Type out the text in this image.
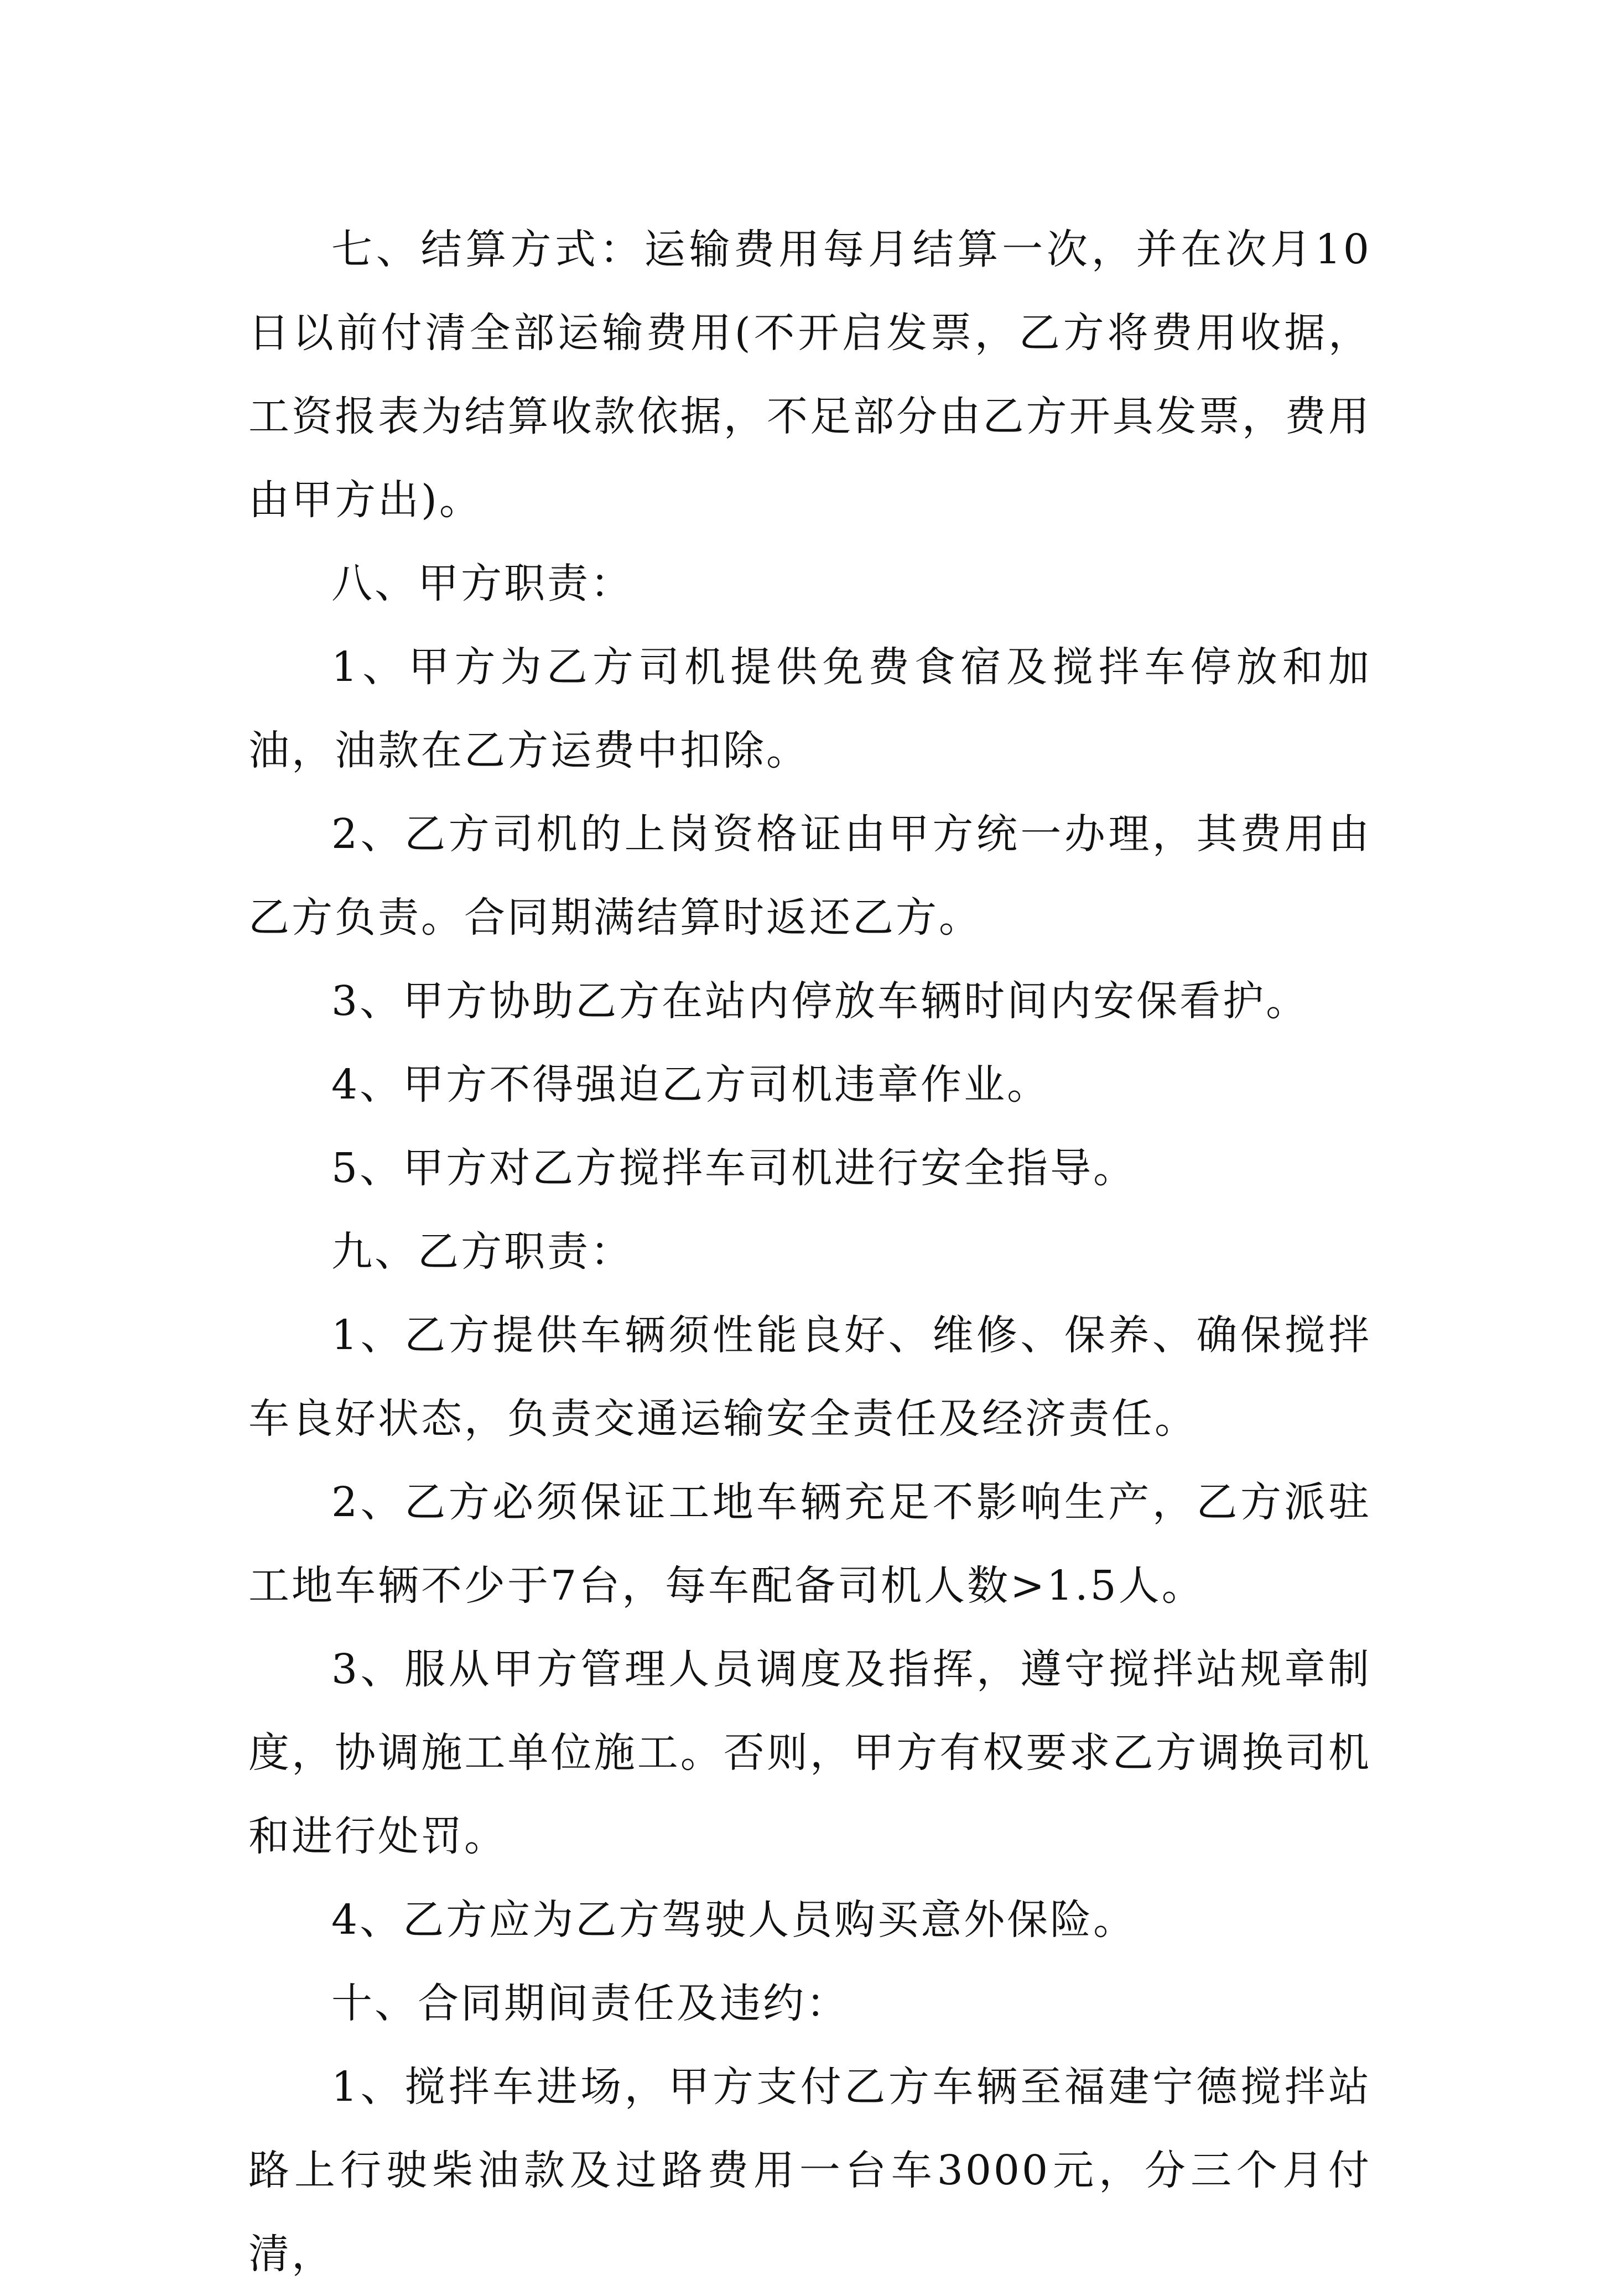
七、结算方式：运输费用每月结算一次，并在次月10日以前付清全部运输费用(不开启发票，乙方将费用收据，工资报表为结算收款依据，不足部分由乙方开具发票，费用由甲方出)。

八、甲方职责：

1、甲方为乙方司机提供免费食宿及搅拌车停放和加油，油款在乙方运费中扣除。

2、乙方司机的上岗资格证由甲方统一办理，其费用由乙方负责。合同期满结算时返还乙方。

3、甲方协助乙方在站内停放车辆时间内安保看护。

4、甲方不得强迫乙方司机违章作业。

5、甲方对乙方搅拌车司机进行安全指导。

九、乙方职责：

1、乙方提供车辆须性能良好、维修、保养、确保搅拌车良好状态，负责交通运输安全责任及经济责任。

2、乙方必须保证工地车辆充足不影响生产，乙方派驻工地车辆不少于7台，每车配备司机人数>1.5人。

3、服从甲方管理人员调度及指挥，遵守搅拌站规章制度，协调施工单位施工。否则，甲方有权要求乙方调换司机和进行处罚。

4、乙方应为乙方驾驶人员购买意外保险。

十、合同期间责任及违约：

1、搅拌车进场，甲方支付乙方车辆至福建宁德搅拌站路上行驶柴油款及过路费用一台车3000元，分三个月付清，
